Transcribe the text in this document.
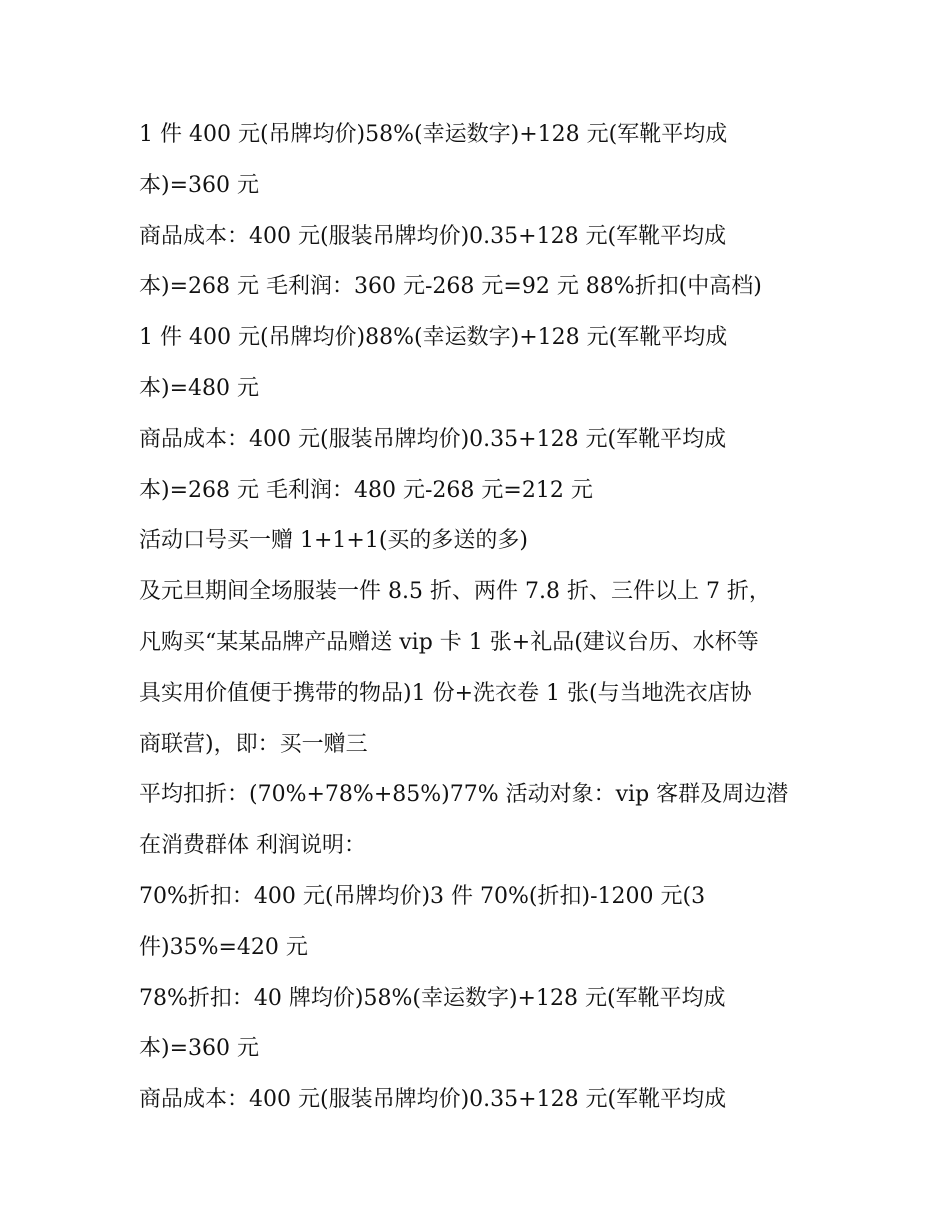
1 件 400 元(吊牌均价)58%(幸运数字)+128 元(军靴平均成
本)=360 元
商品成本：400 元(服装吊牌均价)0.35+128 元(军靴平均成
本)=268 元 毛利润：360 元-268 元=92 元 88%折扣(中高档)
1 件 400 元(吊牌均价)88%(幸运数字)+128 元(军靴平均成
本)=480 元
商品成本：400 元(服装吊牌均价)0.35+128 元(军靴平均成
本)=268 元 毛利润：480 元-268 元=212 元
活动口号买一赠 1+1+1(买的多送的多)
及元旦期间全场服装一件 8.5 折、两件 7.8 折、三件以上 7 折，
凡购买“某某品牌产品赠送 vip 卡 1 张+礼品(建议台历、水杯等
具实用价值便于携带的物品)1 份+洗衣卷 1 张(与当地洗衣店协
商联营)，即：买一赠三
平均扣折：(70%+78%+85%)77% 活动对象：vip 客群及周边潜
在消费群体 利润说明：
70%折扣：400 元(吊牌均价)3 件 70%(折扣)-1200 元(3
件)35%=420 元
78%折扣：40 牌均价)58%(幸运数字)+128 元(军靴平均成
本)=360 元
商品成本：400 元(服装吊牌均价)0.35+128 元(军靴平均成
